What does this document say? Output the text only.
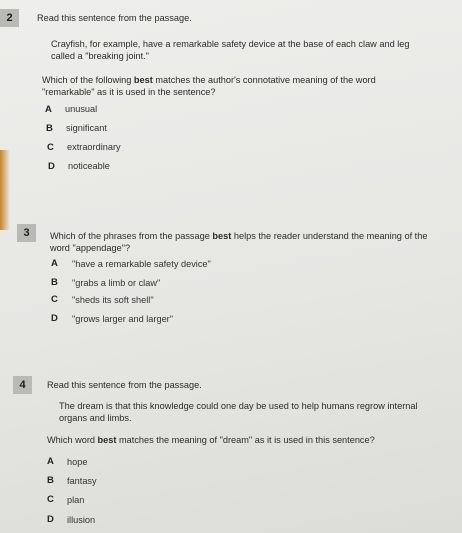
2	Read this sentence from the passage.
Crayfish, for example, have a remarkable safety device at the base of each claw and leg
called a "breaking joint."
Which of the following best matches the author's connotative meaning of the word
"remarkable" as it is used in the sentence?
A unusual
B significant
C extraordinary
D noticeable
3	Which of the phrases from the passage best helps the reader understand the meaning of the
word "appendage"?
A "have a remarkable safety device"
B "grabs a limb or claw"
C "sheds its soft shell"
D "grows larger and larger"
4	Read this sentence from the passage.
The dream is that this knowledge could one day be used to help humans regrow internal
organs and limbs.
Which word best matches the meaning of "dream" as it is used in this sentence?
A hope
B fantasy
C plan
D illusion
